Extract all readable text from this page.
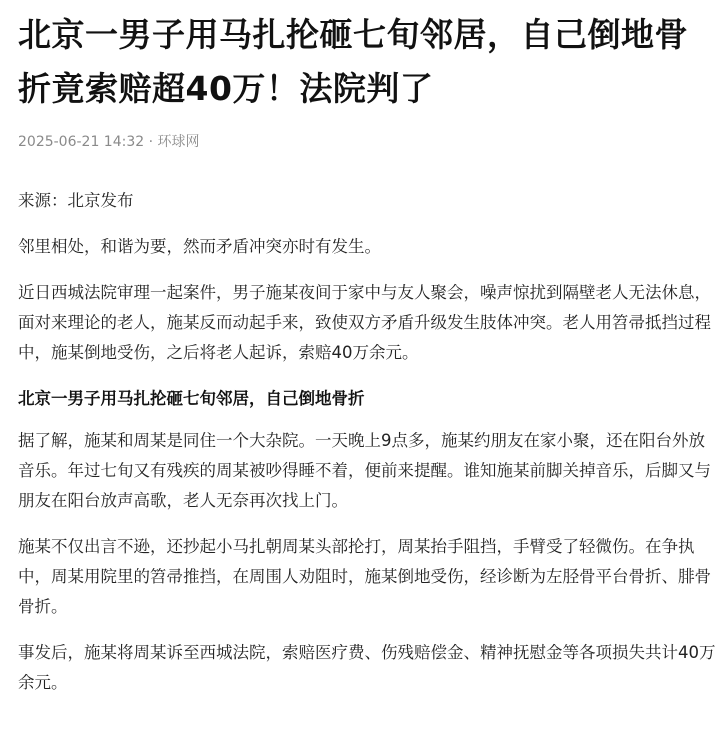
北京一男子用马扎抡砸七旬邻居，自己倒地骨折竟索赔超40万！法院判了
2025-06-21 14:32 · 环球网

来源：北京发布

邻里相处，和谐为要，然而矛盾冲突亦时有发生。

近日西城法院审理一起案件，男子施某夜间于家中与友人聚会，噪声惊扰到隔壁老人无法休息，面对来理论的老人，施某反而动起手来，致使双方矛盾升级发生肢体冲突。老人用笤帚抵挡过程中，施某倒地受伤，之后将老人起诉，索赔40万余元。

北京一男子用马扎抡砸七旬邻居，自己倒地骨折

据了解，施某和周某是同住一个大杂院。一天晚上9点多，施某约朋友在家小聚，还在阳台外放音乐。年过七旬又有残疾的周某被吵得睡不着，便前来提醒。谁知施某前脚关掉音乐，后脚又与朋友在阳台放声高歌，老人无奈再次找上门。

施某不仅出言不逊，还抄起小马扎朝周某头部抡打，周某抬手阻挡，手臂受了轻微伤。在争执中，周某用院里的笤帚推挡，在周围人劝阻时，施某倒地受伤，经诊断为左胫骨平台骨折、腓骨骨折。

事发后，施某将周某诉至西城法院，索赔医疗费、伤残赔偿金、精神抚慰金等各项损失共计40万余元。
